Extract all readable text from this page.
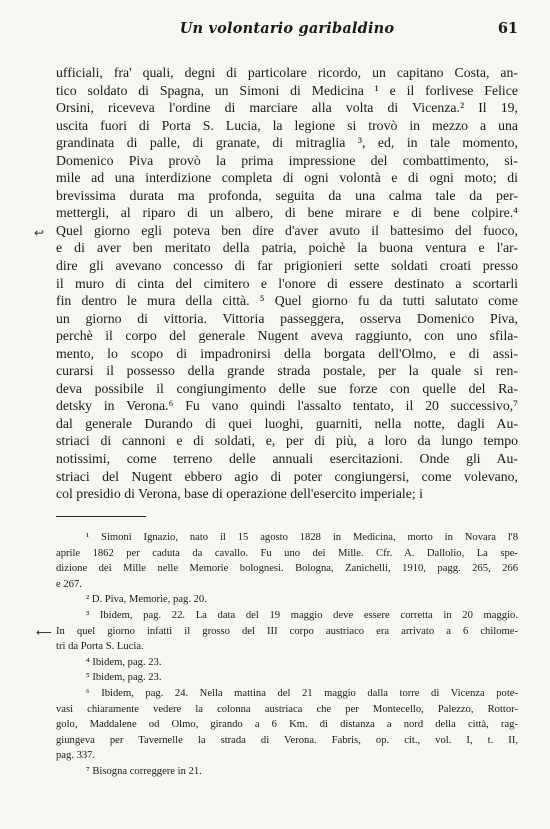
Un volontario garibaldino	61
↩
ufficiali, fra' quali, degni di particolare ricordo, un capitano Costa, an-
tico soldato di Spagna, un Simoni di Medicina ¹ e il forlivese Felice
Orsini, riceveva l'ordine di marciare alla volta di Vicenza.² Il 19,
uscita fuori di Porta S. Lucia, la legione si trovò in mezzo a una
grandinata di palle, di granate, di mitraglia ³, ed, in tale momento,
Domenico Piva provò la prima impressione del combattimento, si-
mile ad una interdizione completa di ogni volontà e di ogni moto; di
brevissima durata ma profonda, seguita da una calma tale da per-
mettergli, al riparo di un albero, di bene mirare e di bene colpire.⁴
Quel giorno egli poteva ben dire d'aver avuto il battesimo del fuoco,
e di aver ben meritato della patria, poichè la buona ventura e l'ar-
dire gli avevano concesso di far prigionieri sette soldati croati presso
il muro di cinta del cimitero e l'onore di essere destinato a scortarli
fin dentro le mura della città. ⁵ Quel giorno fu da tutti salutato come
un giorno di vittoria. Vittoria passeggera, osserva Domenico Piva,
perchè il corpo del generale Nugent aveva raggiunto, con uno sfila-
mento, lo scopo di impadronirsi della borgata dell'Olmo, e di assi-
curarsi il possesso della grande strada postale, per la quale si ren-
deva possibile il congiungimento delle sue forze con quelle del Ra-
detsky in Verona.⁶ Fu vano quindi l'assalto tentato, il 20 successivo,⁷
dal generale Durando di quei luoghi, guarniti, nella notte, dagli Au-
striaci di cannoni e di soldati, e, per di più, a loro da lungo tempo
notissimi, come terreno delle annuali esercitazioni. Onde gli Au-
striaci del Nugent ebbero agio di poter congiungersi, come volevano,
col presidio di Verona, base di operazione dell'esercito imperiale; i
⟵
¹ Simoni Ignazio, nato il 15 agosto 1828 in Medicina, morto in Novara l'8
aprile 1862 per caduta da cavallo. Fu uno dei Mille. Cfr. A. Dallolio, La spe-
dizione dei Mille nelle Memorie bolognesi. Bologna, Zanichelli, 1910, pagg. 265, 266
e 267.
² D. Piva, Memorie, pag. 20.
³ Ibidem, pag. 22. La data del 19 maggio deve essere corretta in 20 maggio.
In quel giorno infatti il grosso del III corpo austriaco era arrivato a 6 chilome-
tri da Porta S. Lucia.
⁴ Ibidem, pag. 23.
⁵ Ibidem, pag. 23.
⁶ Ibidem, pag. 24. Nella mattina del 21 maggio dalla torre di Vicenza pote-
vasi chiaramente vedere la colonna austriaca che per Montecello, Palezzo, Rottor-
golo, Maddalene od Olmo, girando a 6 Km. di distanza a nord della città, rag-
giungeva per Tavernelle la strada di Verona. Fabris, op. cit., vol. I, t. II,
pag. 337.
⁷ Bisogna correggere in 21.
